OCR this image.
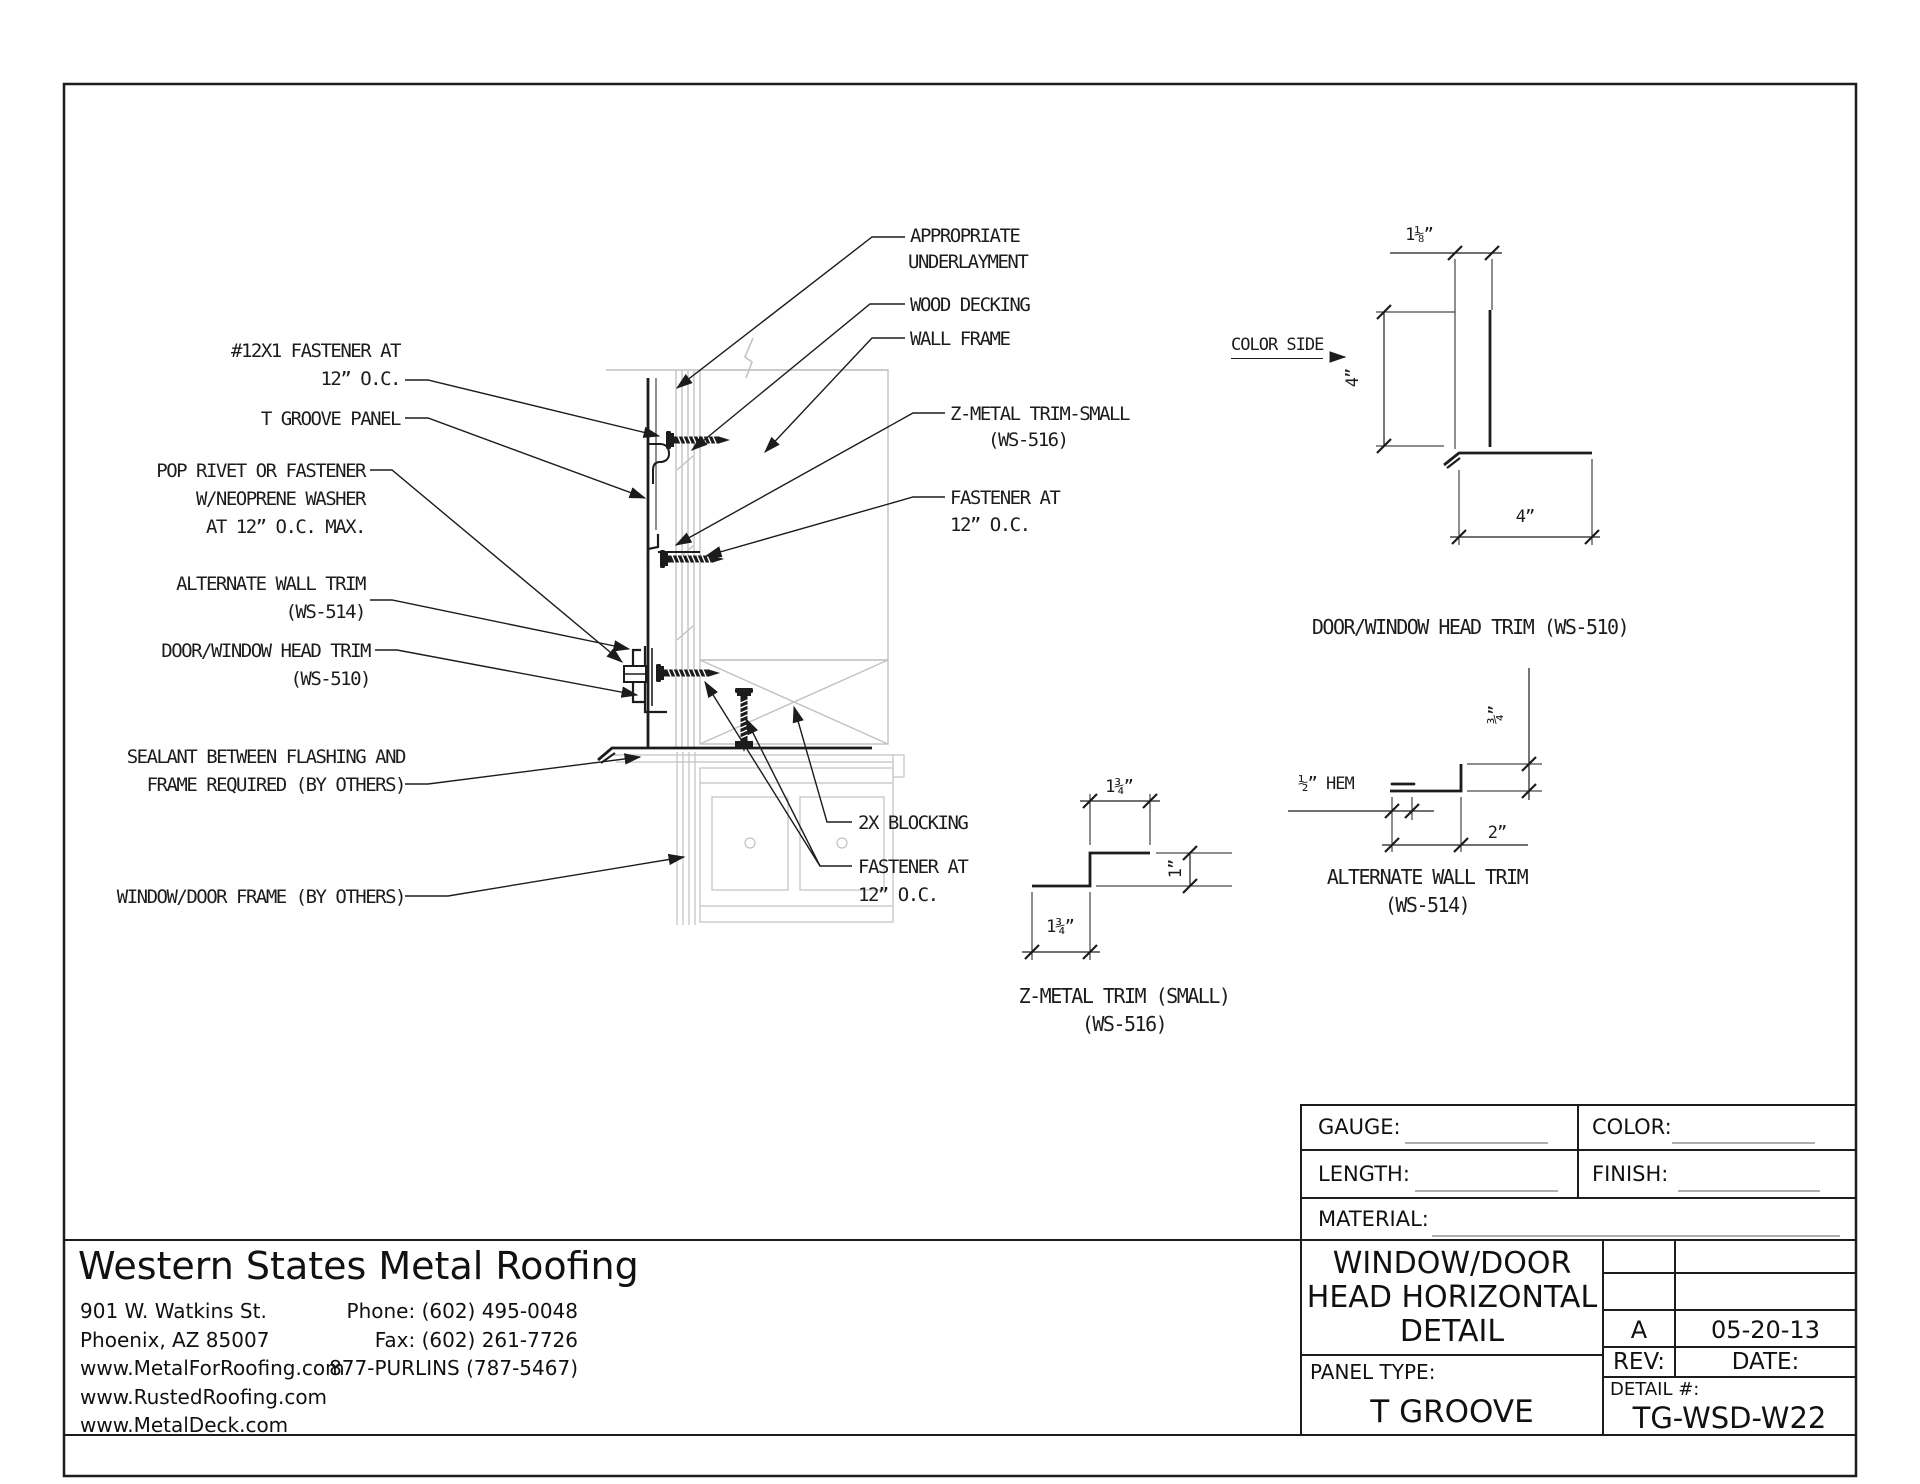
1⅛”
4”
4”
DOOR/WINDOW HEAD TRIM (WS-510)
1¾”
1”
1¾”
Z-METAL TRIM (SMALL)
(WS-516)
¾”
½” HEM
2”
ALTERNATE WALL TRIM
(WS-514)
APPROPRIATE
UNDERLAYMENT
WOOD DECKING
WALL FRAME
Z-METAL TRIM-SMALL
(WS-516)
FASTENER AT
12” O.C.
#12X1 FASTENER AT
12” O.C.
T GROOVE PANEL
POP RIVET OR FASTENER
W/NEOPRENE WASHER
AT 12” O.C. MAX.
ALTERNATE WALL TRIM
(WS-514)
DOOR/WINDOW HEAD TRIM
(WS-510)
SEALANT BETWEEN FLASHING AND
FRAME REQUIRED (BY OTHERS)
WINDOW/DOOR FRAME (BY OTHERS)
2X BLOCKING
FASTENER AT
12” O.C.
COLOR SIDE
GAUGE:	COLOR:
LENGTH:	FINISH:
MATERIAL:
WINDOW/DOOR
HEAD HORIZONTAL
DETAIL
PANEL TYPE:
T GROOVE
A	05-20-13
REV:	DATE:
DETAIL #:
TG-WSD-W22
Western States Metal Roofing
901 W. Watkins St.
Phoenix, AZ 85007
www.MetalForRoofing.com
www.RustedRoofing.com
www.MetalDeck.com
Phone: (602) 495-0048
Fax: (602) 261-7726
877-PURLINS (787-5467)
